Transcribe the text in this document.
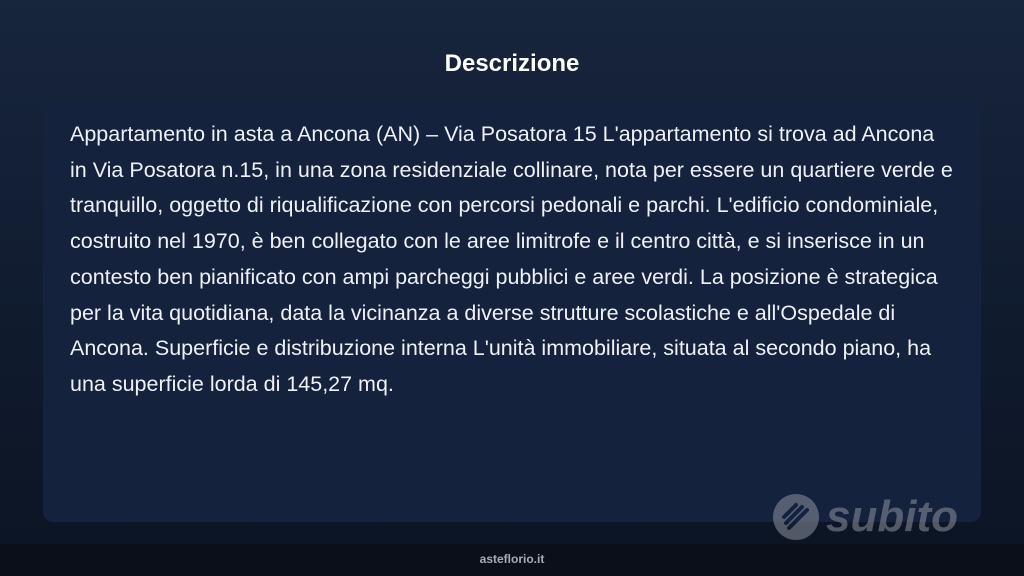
Descrizione

Appartamento in asta a Ancona (AN) – Via Posatora 15 L'appartamento si trova ad Ancona in Via Posatora n.15, in una zona residenziale collinare, nota per essere un quartiere verde e tranquillo, oggetto di riqualificazione con percorsi pedonali e parchi. L'edificio condominiale, costruito nel 1970, è ben collegato con le aree limitrofe e il centro città, e si inserisce in un contesto ben pianificato con ampi parcheggi pubblici e aree verdi. La posizione è strategica per la vita quotidiana, data la vicinanza a diverse strutture scolastiche e all'Ospedale di Ancona. Superficie e distribuzione interna L'unità immobiliare, situata al secondo piano, ha una superficie lorda di 145,27 mq.

subito
asteflorio.it
